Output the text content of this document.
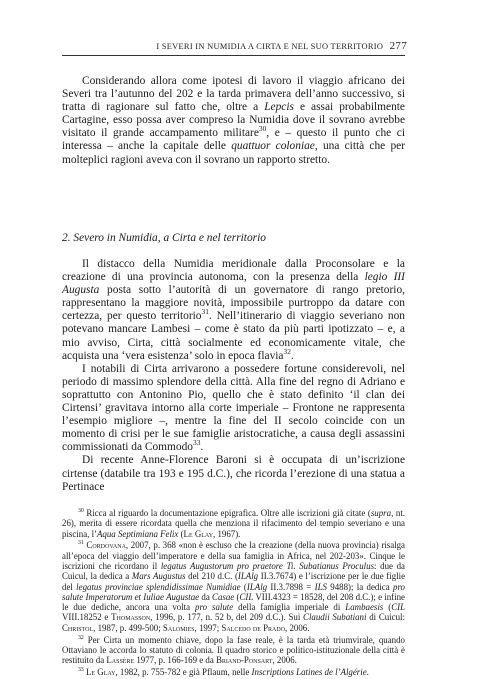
I SEVERI IN NUMIDIA A CIRTA E NEL SUO TERRITORIO 277

Considerando allora come ipotesi di lavoro il viaggio africano dei Severi tra l’autunno del 202 e la tarda primavera dell’anno successivo, si tratta di ragionare sul fatto che, oltre a Lepcis e assai probabilmente Cartagine, esso possa aver compreso la Numidia dove il sovrano avrebbe visitato il grande accampamento militare$^{30}$, e – questo il punto che ci interessa – anche la capitale delle quattuor coloniae, una città che per molteplici ragioni aveva con il sovrano un rapporto stretto.

2. Severo in Numidia, a Cirta e nel territorio

Il distacco della Numidia meridionale dalla Proconsolare e la creazione di una provincia autonoma, con la presenza della legio III Augusta posta sotto l’autorità di un governatore di rango pretorio, rappresentano la maggiore novità, impossibile purtroppo da datare con certezza, per questo territorio$^{31}$. Nell’itinerario di viaggio severiano non potevano mancare Lambesi – come è stato da più parti ipotizzato – e, a mio avviso, Cirta, città socialmente ed economicamente vitale, che acquista una ‘vera esistenza’ solo in epoca flavia$^{32}$.

I notabili di Cirta arrivarono a possedere fortune considerevoli, nel periodo di massimo splendore della città. Alla fine del regno di Adriano e soprattutto con Antonino Pio, quello che è stato definito ‘il clan dei Cirtensi’ gravitava intorno alla corte imperiale – Frontone ne rappresenta l’esempio migliore –, mentre la fine del II secolo coincide con un momento di crisi per le sue famiglie aristocratiche, a causa degli assassini commissionati da Commodo$^{33}$.

Di recente Anne-Florence Baroni si è occupata di un’iscrizione cirtense (databile tra 193 e 195 d.C.), che ricorda l’erezione di una statua a Pertinace

$^{30}$ Ricca al riguardo la documentazione epigrafica. Oltre alle iscrizioni già citate (supra, nt. 26), merita di essere ricordata quella che menziona il rifacimento del tempio severiano e una piscina, l’Aqua Septimiana Felix (Le Glay, 1967).

$^{31}$ Cordovana, 2007, p. 368 «non è escluso che la creazione (della nuova provincia) risalga all’epoca del viaggio dell’imperatore e della sua famiglia in Africa, nel 202-203». Cinque le iscrizioni che ricordano il legatus Augustorum pro praetore Ti. Subatianus Proculus: due da Cuicul, la dedica a Mars Augustus del 210 d.C. (ILAlg II.3.7674) e l’iscrizione per le due figlie del legatus provinciae splendidissimae Numidiae (ILAlg II.3.7898 = ILS 9488); la dedica pro salute Imperatorum et Iuliae Augustae da Casae (CIL VIII.4323 = 18528, del 208 d.C.); e infine le due dediche, ancora una volta pro salute della famiglia imperiale di Lambaesis (CIL VIII.18252 e Thomasson, 1996, p. 177, n. 52 b, del 209 d.C.). Sui Claudii Subatiani di Cuicul: Christol, 1987, p. 499-500; Salomies, 1997; Salcedo de Prado, 2006.

$^{32}$ Per Cirta un momento chiave, dopo la fase reale, è la tarda età triumvirale, quando Ottaviano le accorda lo statuto di colonia. Il quadro storico e politico-istituzionale della città è restituito da Lassère 1977, p. 166-169 e da Briand-Ponsart, 2006.

$^{33}$ Le Glay, 1982, p. 755-782 e già Pflaum, nelle Inscriptions Latines de l’Algérie.
